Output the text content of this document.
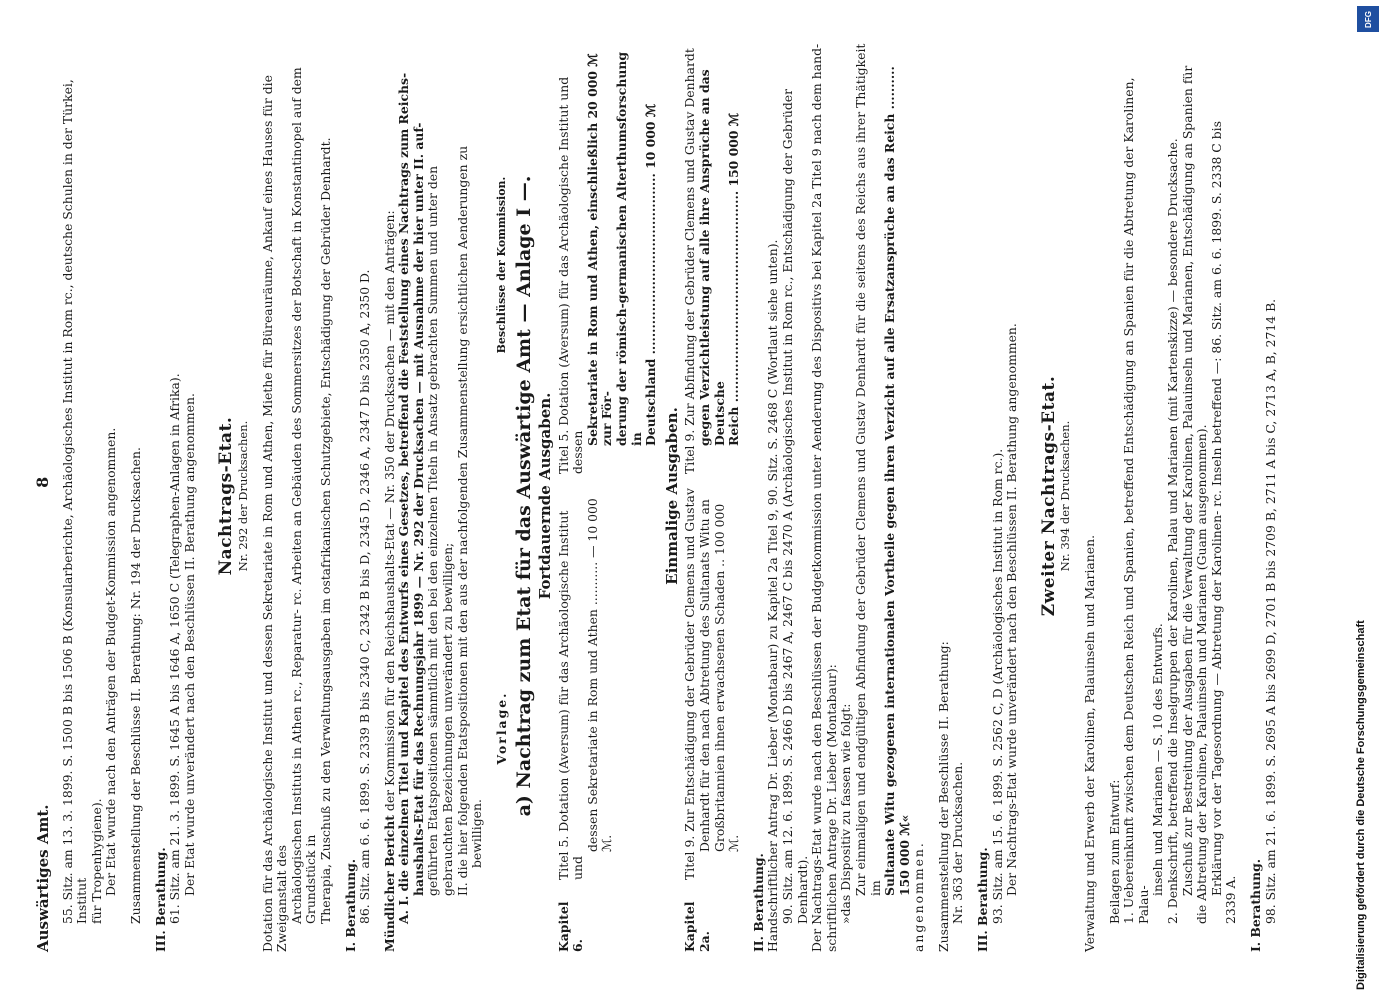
Auswärtiges Amt.
8 55. Sitz. am 13. 3. 1899. S. 1500 B bis 1506 B (Konsularberichte, Archäologisches Institut in Rom rc., deutsche Schulen in der Türkei, Institut für Tropenhygiene). Der Etat wurde nach den Anträgen der Budget-Kommission angenommen. Zusammenstellung der Beschlüsse II. Berathung: Nr. 194 der Drucksachen. III. Berathung. 61. Sitz. am 21. 3. 1899. S. 1645 A bis 1646 A, 1650 C (Telegraphen-Anlagen in Afrika). Der Etat wurde unverändert nach den Beschlüssen II. Berathung angenommen. Nachtrags-Etat. Nr. 292 der Drucksachen. Dotation für das Archäologische Institut und dessen Sekretariate in Rom und Athen, Miethe für Büreauräume, Ankauf eines Hauses für die Zweiganstalt des Archäologischen Instituts in Athen rc., Reparatur- rc. Arbeiten an Gebäuden des Sommersitzes der Botschaft in Konstantinopel auf dem Grundstück in Therapia, Zuschuß zu den Verwaltungsausgaben im ostafrikanischen Schutzgebiete, Entschädigung der Gebrüder Denhardt. I. Berathung. 86. Sitz. am 6. 6. 1899. S. 2339 B bis 2340 C, 2342 B bis D, 2345 D, 2346 A, 2347 D bis 2350 A, 2350 D. Mündlicher Bericht der Kommission für den Reichshaushalts-Etat — Nr. 350 der Drucksachen — mit den Anträgen: A. I. die einzelnen Titel und Kapitel des Entwurfs eines Gesetzes, betreffend die Feststellung eines Nachtrags zum Reichs- haushalts-Etat für das Rechnungsjahr 1899 — Nr. 292 der Drucksachen — mit Ausnahme der hier unter II. auf- geführten Etatspositionen sämmtlich mit den bei den einzelnen Titeln in Ansatz gebrachten Summen und unter den gebrauchten Bezeichnungen unverändert zu bewilligen; II. die hier folgenden Etatspositionen mit den aus der nachfolgenden Zusammenstellung ersichtlichen Aenderungen zu bewilligen.

Vorlage.
Beschlüsse der Kommission. a) Nachtrag zum Etat für das Auswärtige Amt — Anlage I —. Fortdauernde Ausgaben.
Kapitel 6.

Titel 5. Dotation (Aversum) für das Archäologische Institut und

dessen Sekretariate in Rom und Athen ........... — 10 000 ℳ.

Titel 5. Dotation (Aversum) für das Archäologische Institut und dessen

Sekretariate in Rom und Athen, einschließlich 20 000 ℳ zur För- derung der römisch-germanischen Alterthumsforschung in Deutschland .......................................... 10 000 ℳ

Einmalige Ausgaben.
Kapitel 2a.

Titel 9. Zur Entschädigung der Gebrüder Clemens und Gustav Denhardt für den nach Abtretung des Sultanats Witu an Großbritannien ihnen erwachsenen Schaden .. 100 000 ℳ.

Titel 9. Zur Abfindung der Gebrüder Clemens und Gustav Denhardt gegen Verzichtleistung auf alle ihre Ansprüche an das Deutsche Reich ................................................. 150 000 ℳ

II. Berathung. Handschriftlicher Antrag Dr. Lieber (Montabaur) zu Kapitel 2a Titel 9, 90. Sitz. S. 2468 C (Wortlaut siehe unten). 90. Sitz. am 12. 6. 1899. S. 2466 D bis 2467 A, 2467 C bis 2470 A (Archäologisches Institut in Rom rc., Entschädigung der Gebrüder Denhardt). Der Nachtrags-Etat wurde nach den Beschlüssen der Budgetkommission unter Aenderung des Dispositivs bei Kapitel 2a Titel 9 nach dem hand- schriftlichen Antrage Dr. Lieber (Montabaur): »das Dispositiv zu fassen wie folgt: Zur einmaligen und endgültigen Abfindung der Gebrüder Clemens und Gustav Denhardt für die seitens des Reichs aus ihrer Thätigkeit im Sultanate Witu gezogenen internationalen Vortheile gegen ihren Verzicht auf alle Ersatzansprüche an das Reich .......... 150 000 ℳ« angenommen. Zusammenstellung der Beschlüsse II. Berathung: Nr. 363 der Drucksachen. III. Berathung. 93. Sitz. am 15. 6. 1899. S. 2562 C, D (Archäologisches Institut in Rom rc.). Der Nachtrags-Etat wurde unverändert nach den Beschlüssen II. Berathung angenommen. Zweiter Nachtrags-Etat. Nr. 394 der Drucksachen.

Verwaltung und Erwerb der Karolinen, Palauinseln und Marianen. Beilagen zum Entwurf: 1. Uebereinkunft zwischen dem Deutschen Reich und Spanien, betreffend Entschädigung an Spanien für die Abtretung der Karolinen, Palau-

inseln und Marianen — S. 10 des Entwurfs. 2. Denkschrift, betreffend die Inselgruppen der Karolinen, Palau und Marianen (mit Kartenskizze) — besondere Drucksache. Zuschuß zur Bestreitung der Ausgaben für die Verwaltung der Karolinen, Palauinseln und Marianen, Entschädigung an Spanien für die Abtretung der Karolinen, Palauinseln und Marianen (Guam ausgenommen). Erklärung vor der Tagesordnung — Abtretung der Karolinen- rc. Inseln betreffend —: 86. Sitz. am 6. 6. 1899. S. 2338 C bis

2339 A. I. Berathung. 98. Sitz. am 21. 6. 1899. S. 2695 A bis 2699 D, 2701 B bis 2709 B, 2711 A bis C, 2713 A, B, 2714 B.

DFG
Digitalisierung gefördert durch die Deutsche Forschungsgemeinschaft
